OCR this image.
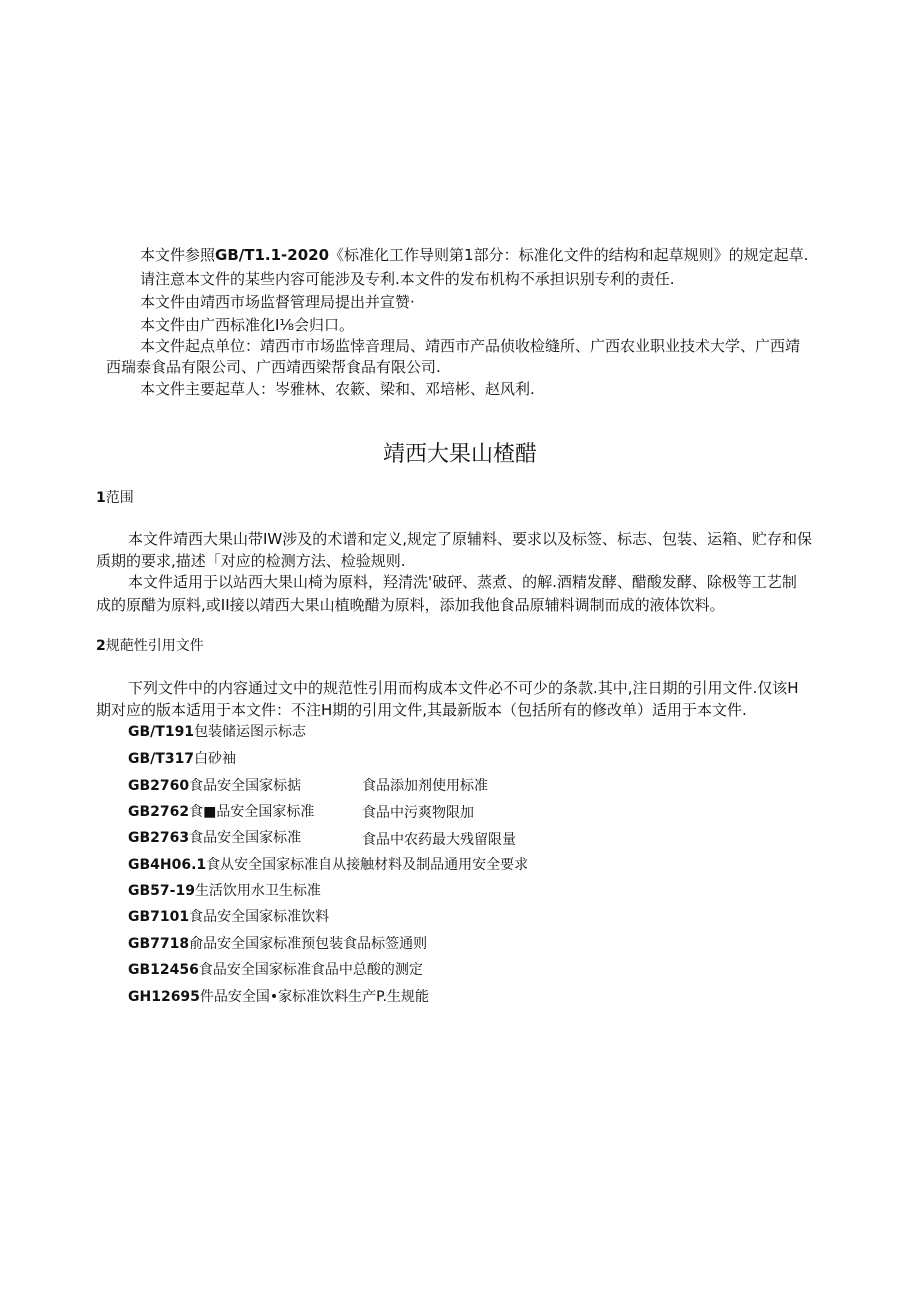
本文件参照GB/T1.1-2020《标准化工作导则第1部分：标准化文件的结构和起草规则》的规定起草.
请注意本文件的某些内容可能涉及专利.本文件的发布机构不承担识别专利的责任.
本文件由靖西市场监督管理局提出并宣赞·
本文件由广西标准化I⅛会归口。
本文件起点单位：靖西市市场监悻音理局、靖西市产品侦收检缝所、广西农业职业技术大学、广西靖
西瑞泰食品有限公司、广西靖西梁帮食品有限公司.
本文件主要起草人：岑雅林、农簌、梁和、邓培彬、赵风利.
靖西大果山楂醋
1范围
本文件靖西大果山带IW涉及的术谱和定义,规定了原辅料、要求以及标签、标志、包装、运箱、贮存和保
质期的要求,描述「对应的检测方法、检验规则.
本文件适用于以站西大果山椅为原料，羟清洗'破砰、蒸煮、的解.酒精发酵、醋酸发酵、除极等工艺制
成的原醋为原料,或II接以靖西大果山植晚醋为原料，添加我他食品原辅料调制而成的液体饮料。
2规葩性引用文件
下列文件中的内容通过文中的规范性引用而构成本文件必不可少的条款.其中,注日期的引用文件.仅该H
期对应的版本适用于本文件：不注H期的引用文件,其最新版本（包括所有的修改单）适用于本文件.
GB/T191包装储运图示标志
GB/T317白砂袖
GB2760食品安全国家标掂	食品添加剂使用标准
GB2762食■品安全国家标准	食品中污爽物限加
GB2763食品安全国家标准	食品中农药最大残留限量
GB4H06.1食从安全国家标准自从接触材料及制品通用安全要求
GB57-19生活饮用水卫生标准
GB7101食品安全国家标准饮料
GB7718俞品安全国家标准预包装食品标签通则
GB12456食品安全国家标准食品中总酸的测定
GH12695件品安全国•家标准饮料生产P.生规能
